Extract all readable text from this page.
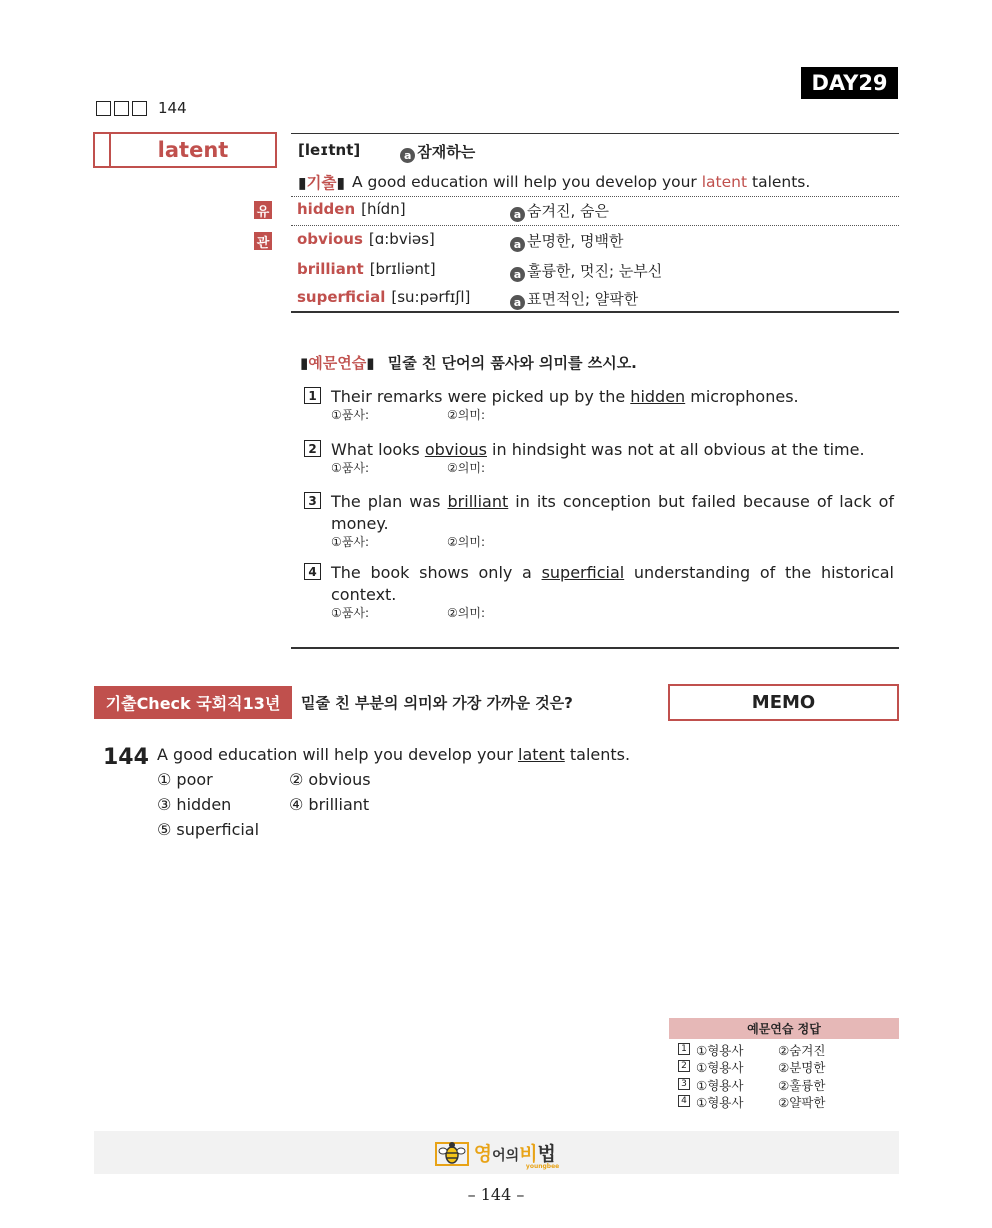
DAY29
144
latent	[leɪtnt]	a 잠재하는
▮기출▮ A good education will help you develop your latent talents.
유
관
hidden [hídn]	a 숨겨진, 숨은
obvious [ɑ:bviəs]	a 분명한, 명백한
brilliant [brɪliənt]	a 훌륭한, 멋진; 눈부신
superficial [su:pərfɪʃl]	a 표면적인; 얄팍한
▮예문연습▮ 밑줄 친 단어의 품사와 의미를 쓰시오.
1 Their remarks were picked up by the hidden microphones.
①품사:	②의미:
2 What looks obvious in hindsight was not at all obvious at the time.
①품사:	②의미:
3 The plan was brilliant in its conception but failed because of lack of money.
①품사:	②의미:
4 The book shows only a superficial understanding of the historical context.
①품사:	②의미:
기출Check 국회직13년	밑줄 친 부분의 의미와 가장 가까운 것은?	MEMO
144 A good education will help you develop your latent talents.
① poor	② obvious
③ hidden	④ brilliant
⑤ superficial
예문연습 정답
1 ①형용사	②숨겨진
2 ①형용사	②분명한
3 ①형용사	②훌륭한
4 ①형용사	②얄팍한
영 어의 비 법
youngbee
– 144 –
